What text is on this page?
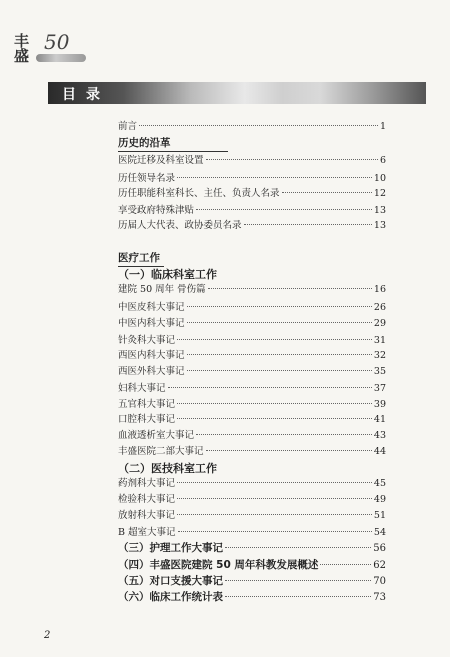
丰
盛
50
目录
前言	1
历史的沿革
医院迁移及科室设置	6
历任领导名录	10
历任职能科室科长、主任、负责人名录	12
享受政府特殊津贴	13
历届人大代表、政协委员名录	13
医疗工作
（一）临床科室工作
建院 50 周年 骨伤篇	16
中医皮科大事记	26
中医内科大事记	29
针灸科大事记	31
西医内科大事记	32
西医外科大事记	35
妇科大事记	37
五官科大事记	39
口腔科大事记	41
血液透析室大事记	43
丰盛医院二部大事记	44
（二）医技科室工作
药剂科大事记	45
检验科大事记	49
放射科大事记	51
B 超室大事记	54
（三）护理工作大事记	56
（四）丰盛医院建院 50 周年科教发展概述	62
（五）对口支援大事记	70
（六）临床工作统计表	73
2
